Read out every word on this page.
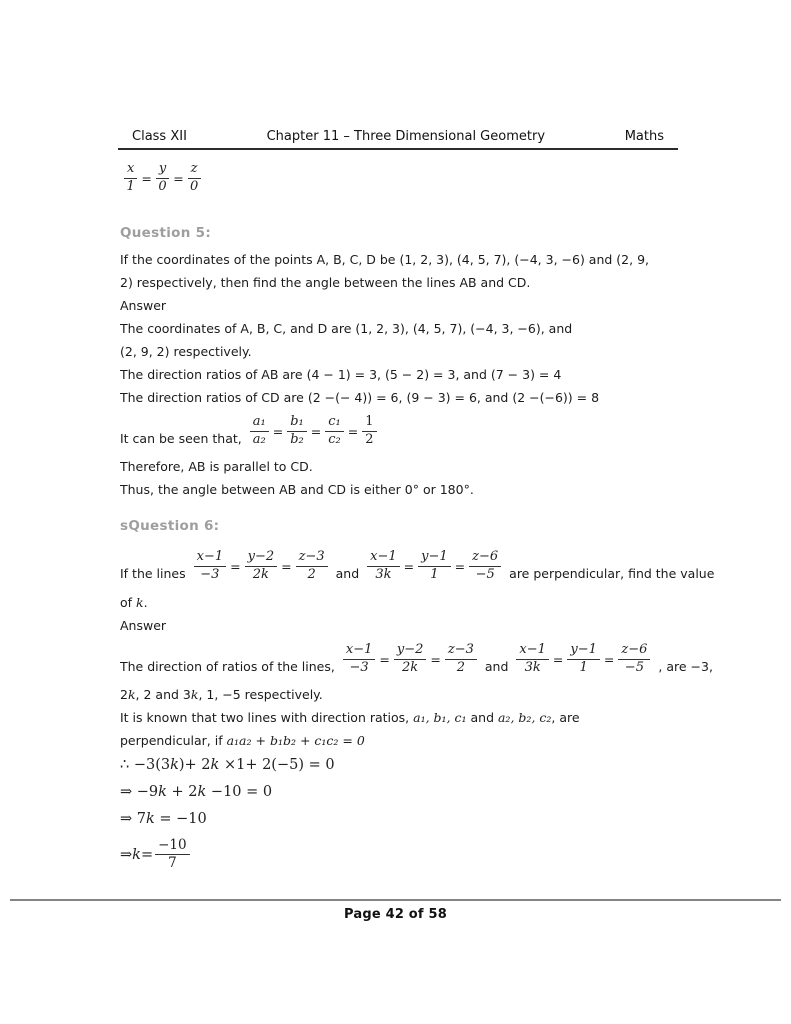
Class XII	Chapter 11 – Three Dimensional Geometry	Maths
$\frac{x}{1} = \frac{y}{0} = \frac{z}{0}$
Question 5:
If the coordinates of the points A, B, C, D be (1, 2, 3), (4, 5, 7), (−4, 3, −6) and (2, 9,
2) respectively, then find the angle between the lines AB and CD.
Answer
The coordinates of A, B, C, and D are (1, 2, 3), (4, 5, 7), (−4, 3, −6), and
(2, 9, 2) respectively.
The direction ratios of AB are (4 − 1) = 3, (5 − 2) = 3, and (7 − 3) = 4
The direction ratios of CD are (2 −(− 4)) = 6, (9 − 3) = 6, and (2 −(−6)) = 8
It can be seen that, $\frac{\text{a₁}}{\text{a₂}} = \frac{\text{b₁}}{\text{b₂}} = \frac{\text{c₁}}{\text{c₂}} = \frac{1}{2}$
Therefore, AB is parallel to CD.
Thus, the angle between AB and CD is either 0° or 180°.
sQuestion 6:
If the lines $\frac{x-1}{-3} = \frac{y-2}{2k} = \frac{z-3}{2}$ and $\frac{x-1}{3k} = \frac{y-1}{1} = \frac{z-6}{-5}$ are perpendicular, find the value
of k.
Answer
The direction of ratios of the lines, $\frac{x-1}{-3} = \frac{y-2}{2k} = \frac{z-3}{2}$ and $\frac{x-1}{3k} = \frac{y-1}{1} = \frac{z-6}{-5}$ , are −3,
2k, 2 and 3k, 1, −5 respectively.
It is known that two lines with direction ratios, a₁, b₁, c₁ and a₂, b₂, c₂, are
perpendicular, if a₁a₂ + b₁b₂ + c₁c₂ = 0
∴ −3(3k)+ 2k ×1+ 2(−5) = 0
⇒ −9k + 2k −10 = 0
⇒ 7k = −10
⇒ $k = \frac{-10}{7}$
Page 42 of 58
